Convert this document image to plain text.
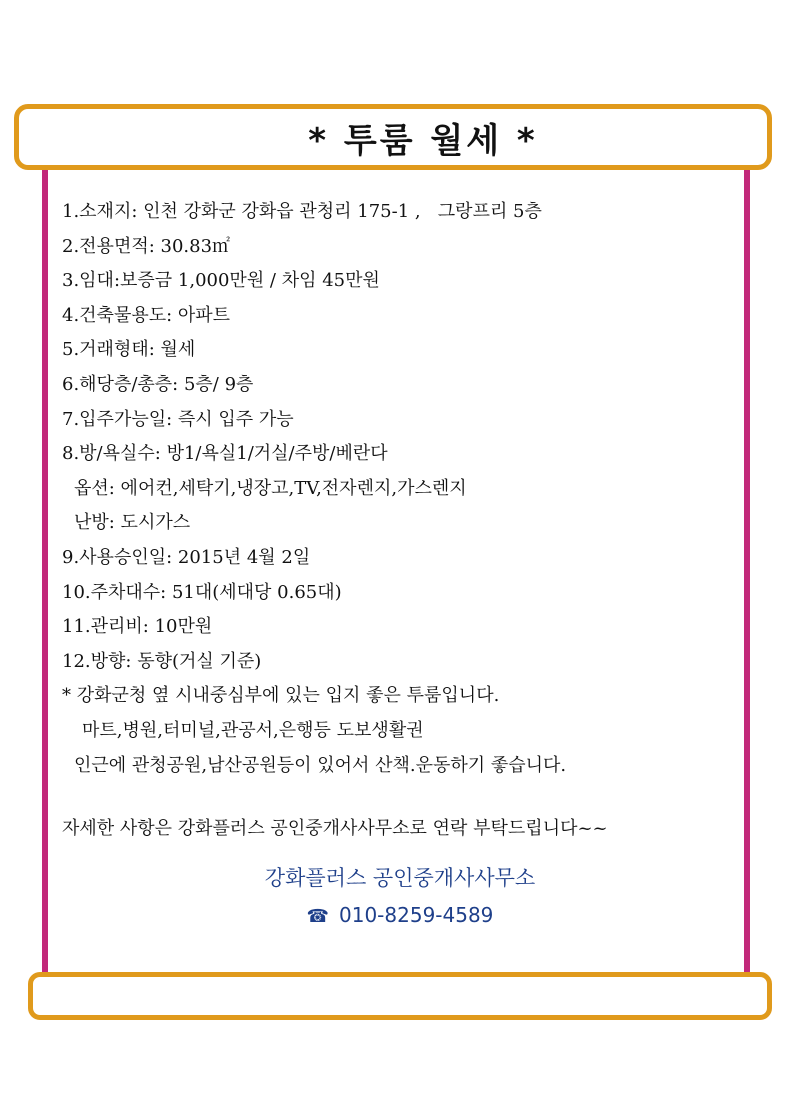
* 투룸 월세 *
1.소재지: 인천 강화군 강화읍 관청리 175-1 ,   그랑프리 5층
2.전용면적: 30.83㎡
3.임대:보증금 1,000만원 / 차임 45만원
4.건축물용도: 아파트
5.거래형태: 월세
6.해당층/총층: 5층/ 9층
7.입주가능일: 즉시 입주 가능
8.방/욕실수: 방1/욕실1/거실/주방/베란다
옵션: 에어컨,세탁기,냉장고,TV,전자렌지,가스렌지
난방: 도시가스
9.사용승인일: 2015년 4월 2일
10.주차대수: 51대(세대당 0.65대)
11.관리비: 10만원
12.방향: 동향(거실 기준)
* 강화군청 옆 시내중심부에 있는 입지 좋은 투룸입니다.
마트,병원,터미널,관공서,은행등 도보생활권
인근에 관청공원,남산공원등이 있어서 산책.운동하기 좋습니다.
자세한 사항은 강화플러스 공인중개사사무소로 연락 부탁드립니다~~
강화플러스 공인중개사사무소
☎ 010-8259-4589
